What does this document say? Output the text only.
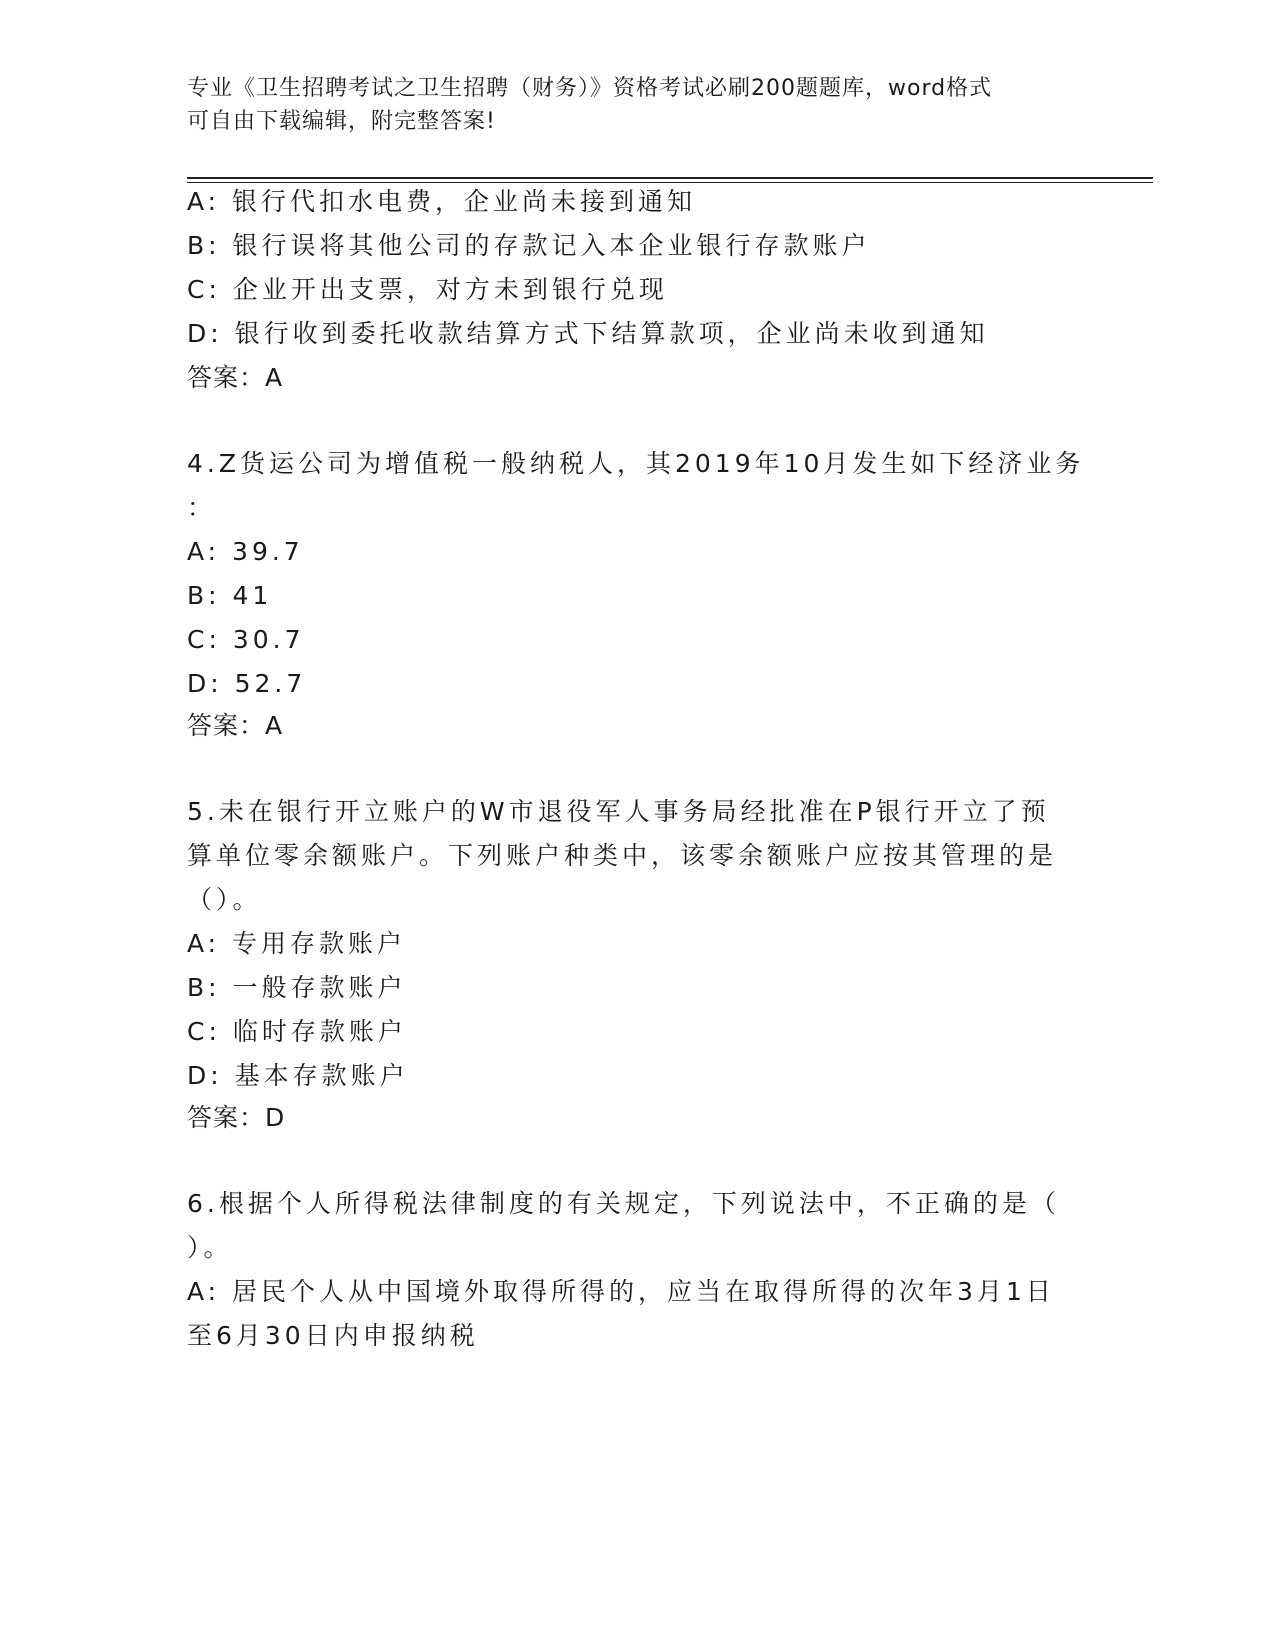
专业《卫生招聘考试之卫生招聘（财务）》资格考试必刷200题题库，word格式
可自由下载编辑，附完整答案!
A: 银行代扣水电费，企业尚未接到通知
B: 银行误将其他公司的存款记入本企业银行存款账户
C: 企业开出支票，对方未到银行兑现
D: 银行收到委托收款结算方式下结算款项，企业尚未收到通知
答案：A
4.Z货运公司为增值税一般纳税人，其2019年10月发生如下经济业务
：
A: 39.7
B: 41
C: 30.7
D: 52.7
答案：A
5.未在银行开立账户的W市退役军人事务局经批准在P银行开立了预
算单位零余额账户。下列账户种类中，该零余额账户应按其管理的是
（）。
A: 专用存款账户
B: 一般存款账户
C: 临时存款账户
D: 基本存款账户
答案：D
6.根据个人所得税法律制度的有关规定，下列说法中，不正确的是（
）。
A: 居民个人从中国境外取得所得的，应当在取得所得的次年3月1日
至6月30日内申报纳税
